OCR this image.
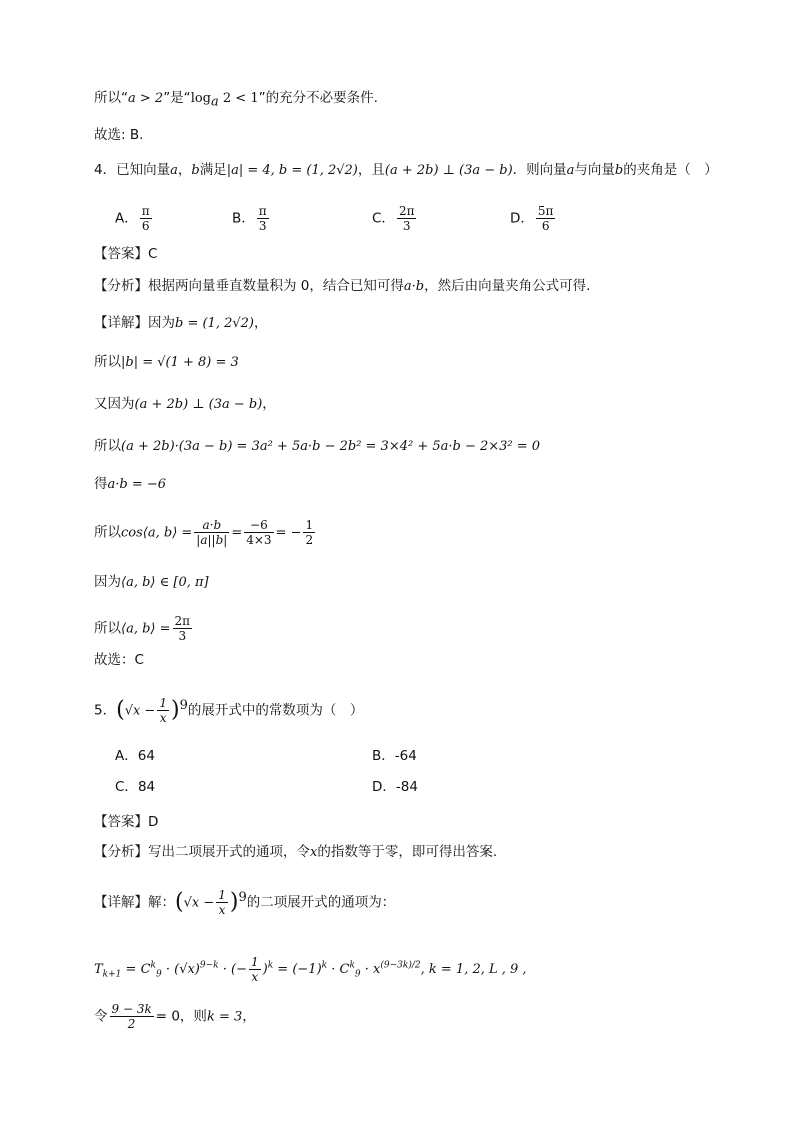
所以“a > 2”是“$\log_a$ 2 < 1”的充分不必要条件.
故选: B.
4．已知向量a，b满足|a| = 4, b = (1, 2√2)，且(a + 2b) ⊥ (3a − b)．则向量a与向量b的夹角是（　）
A． $\frac{\pi}{6}$	B． $\frac{\pi}{3}$	C． $\frac{2\pi}{3}$	D． $\frac{5\pi}{6}$
【答案】C
【分析】根据两向量垂直数量积为 0，结合已知可得a·b，然后由向量夹角公式可得.
【详解】因为b = (1, 2√2)，
所以|b| = √(1 + 8) = 3
又因为(a + 2b) ⊥ (3a − b)，
所以(a + 2b)·(3a − b) = 3a² + 5a·b − 2b² = 3×4² + 5a·b − 2×3² = 0
得a·b = −6
所以cos⟨a, b⟩ = $\frac{a\cdot b}{|a||b|} = \frac{-6}{4\times 3}$ = − $\frac{1}{2}$
因为⟨a, b⟩ ∈ [0, π]
所以⟨a, b⟩ = $\frac{2\pi}{3}$
故选：C
5．$(√x - \frac{1}{x} )^9$的展开式中的常数项为（　）
A．64	B．-64
C．84	D．-84
【答案】D
【分析】写出二项展开式的通项，令x的指数等于零，即可得出答案.
【详解】解：$(√x - \frac{1}{x} )^9$的二项展开式的通项为：
$T_{k+1} = C^k_9 \cdot (√x)^{9-k}$ · (− $\frac{1}{x} )^k = (-1)^k \cdot C^k_9 \cdot x^{(9-3k)/2}$, k = 1, 2, L , 9 ,
令 $\frac{9 - 3k}{2} = 0$，则k = 3，
